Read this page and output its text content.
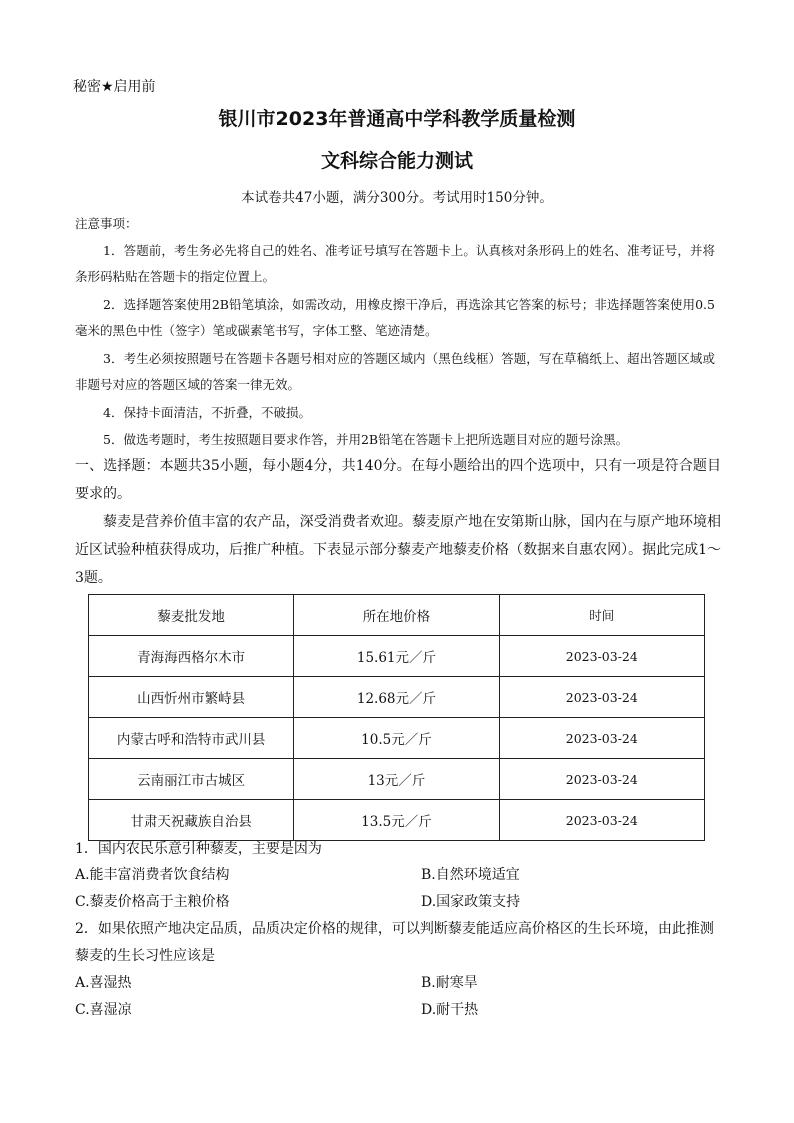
秘密★启用前
银川市2023年普通高中学科教学质量检测
文科综合能力测试
本试卷共47小题，满分300分。考试用时150分钟。
注意事项：
1．答题前，考生务必先将自己的姓名、准考证号填写在答题卡上。认真核对条形码上的姓名、准考证号，并将条形码粘贴在答题卡的指定位置上。
2．选择题答案使用2B铅笔填涂，如需改动，用橡皮擦干净后，再选涂其它答案的标号；非选择题答案使用0.5毫米的黑色中性（签字）笔或碳素笔书写，字体工整、笔迹清楚。
3．考生必须按照题号在答题卡各题号相对应的答题区域内（黑色线框）答题，写在草稿纸上、超出答题区域或非题号对应的答题区域的答案一律无效。
4．保持卡面清洁，不折叠，不破损。
5．做选考题时，考生按照题目要求作答，并用2B铅笔在答题卡上把所选题目对应的题号涂黑。
一、选择题：本题共35小题，每小题4分，共140分。在每小题给出的四个选项中，只有一项是符合题目要求的。
藜麦是营养价值丰富的农产品，深受消费者欢迎。藜麦原产地在安第斯山脉，国内在与原产地环境相近区试验种植获得成功，后推广种植。下表显示部分藜麦产地藜麦价格（数据来自惠农网）。据此完成1～3题。
藜麦批发地	所在地价格	时间
青海海西格尔木市	15.61元／斤	2023-03-24
山西忻州市繁峙县	12.68元／斤	2023-03-24
内蒙古呼和浩特市武川县	10.5元／斤	2023-03-24
云南丽江市古城区	13元／斤	2023-03-24
甘肃天祝藏族自治县	13.5元／斤	2023-03-24
1．国内农民乐意引种藜麦，主要是因为
A.能丰富消费者饮食结构	B.自然环境适宜
C.藜麦价格高于主粮价格	D.国家政策支持
2．如果依照产地决定品质，品质决定价格的规律，可以判断藜麦能适应高价格区的生长环境，由此推测藜麦的生长习性应该是
A.喜湿热	B.耐寒旱
C.喜湿凉	D.耐干热
